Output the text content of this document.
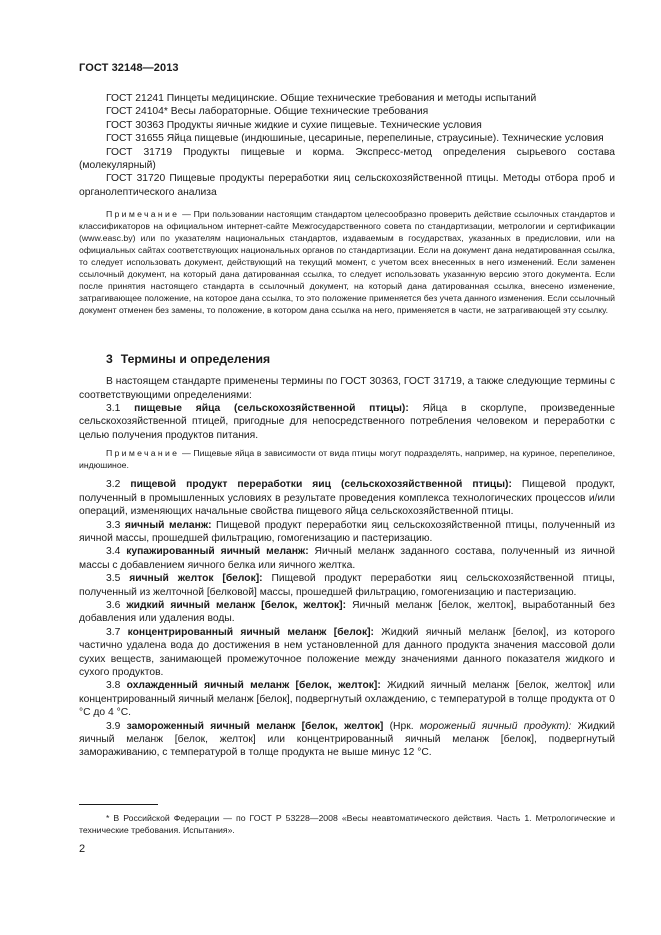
ГОСТ 32148—2013

ГОСТ 21241 Пинцеты медицинские. Общие технические требования и методы испытаний

ГОСТ 24104* Весы лабораторные. Общие технические требования

ГОСТ 30363 Продукты яичные жидкие и сухие пищевые. Технические условия

ГОСТ 31655 Яйца пищевые (индюшиные, цесариные, перепелиные, страусиные). Технические условия

ГОСТ 31719 Продукты пищевые и корма. Экспресс-метод определения сырьевого состава (молекулярный)

ГОСТ 31720 Пищевые продукты переработки яиц сельскохозяйственной птицы. Методы отбора проб и органолептического анализа

Примечание — При пользовании настоящим стандартом целесообразно проверить действие ссылочных стандартов и классификаторов на официальном интернет-сайте Межгосударственного совета по стандартизации, метрологии и сертификации (www.easc.by) или по указателям национальных стандартов, издаваемым в государствах, указанных в предисловии, или на официальных сайтах соответствующих национальных органов по стандартизации. Если на документ дана недатированная ссылка, то следует использовать документ, действующий на текущий момент, с учетом всех внесенных в него изменений. Если заменен ссылочный документ, на который дана датированная ссылка, то следует использовать указанную версию этого документа. Если после принятия настоящего стандарта в ссылочный документ, на который дана датированная ссылка, внесено изменение, затрагивающее положение, на которое дана ссылка, то это положение применяется без учета данного изменения. Если ссылочный документ отменен без замены, то положение, в котором дана ссылка на него, применяется в части, не затрагивающей эту ссылку.

3 Термины и определения

В настоящем стандарте применены термины по ГОСТ 30363, ГОСТ 31719, а также следующие термины с соответствующими определениями:

3.1 пищевые яйца (сельскохозяйственной птицы): Яйца в скорлупе, произведенные сельскохозяйственной птицей, пригодные для непосредственного потребления человеком и переработки с целью получения продуктов питания.

Примечание — Пищевые яйца в зависимости от вида птицы могут подразделять, например, на куриное, перепелиное, индюшиное.

3.2 пищевой продукт переработки яиц (сельскохозяйственной птицы): Пищевой продукт, полученный в промышленных условиях в результате проведения комплекса технологических процессов и/или операций, изменяющих начальные свойства пищевого яйца сельскохозяйственной птицы.

3.3 яичный меланж: Пищевой продукт переработки яиц сельскохозяйственной птицы, полученный из яичной массы, прошедшей фильтрацию, гомогенизацию и пастеризацию.

3.4 купажированный яичный меланж: Яичный меланж заданного состава, полученный из яичной массы с добавлением яичного белка или яичного желтка.

3.5 яичный желток [белок]: Пищевой продукт переработки яиц сельскохозяйственной птицы, полученный из желточной [белковой] массы, прошедшей фильтрацию, гомогенизацию и пастеризацию.

3.6 жидкий яичный меланж [белок, желток]: Яичный меланж [белок, желток], выработанный без добавления или удаления воды.

3.7 концентрированный яичный меланж [белок]: Жидкий яичный меланж [белок], из которого частично удалена вода до достижения в нем установленной для данного продукта значения массовой доли сухих веществ, занимающей промежуточное положение между значениями данного показателя жидкого и сухого продуктов.

3.8 охлажденный яичный меланж [белок, желток]: Жидкий яичный меланж [белок, желток] или концентрированный яичный меланж [белок], подвергнутый охлаждению, с температурой в толще продукта от 0 °С до 4 °С.

3.9 замороженный яичный меланж [белок, желток] (Нрк. мороженый яичный продукт): Жидкий яичный меланж [белок, желток] или концентрированный яичный меланж [белок], подвергнутый замораживанию, с температурой в толще продукта не выше минус 12 °С.

* В Российской Федерации — по ГОСТ Р 53228—2008 «Весы неавтоматического действия. Часть 1. Метрологические и технические требования. Испытания».

2
